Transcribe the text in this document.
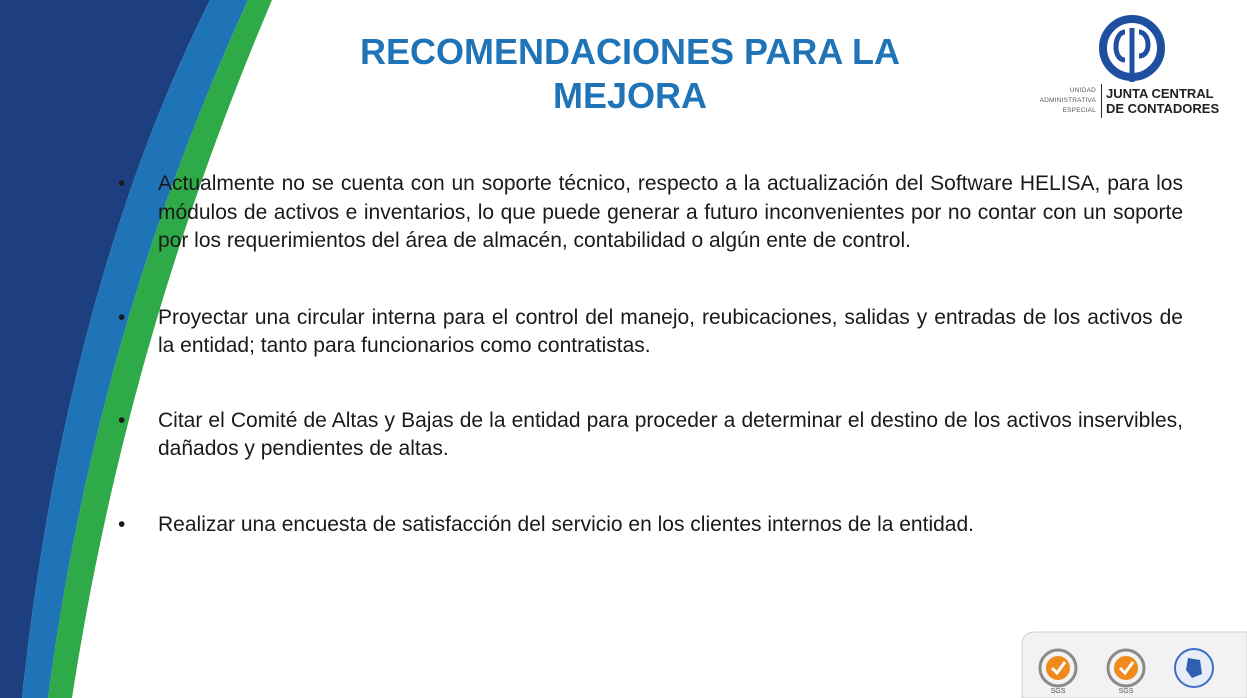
RECOMENDACIONES PARA LA
MEJORA	UNIDAD
ADMINISTRATIVA
ESPECIAL
JUNTA CENTRAL
DE CONTADORES
•	Actualmente no se cuenta con un soporte técnico, respecto a la actualización del Software HELISA, para los módulos de activos e inventarios, lo que puede generar a futuro inconvenientes por no contar con un soporte por los requerimientos del área de almacén, contabilidad o algún ente de control.
•	Proyectar una circular interna para el control del manejo, reubicaciones, salidas y entradas de los activos de la entidad; tanto para funcionarios como contratistas.
•	Citar el Comité de Altas y Bajas de la entidad para proceder a determinar el destino de los activos inservibles, dañados y pendientes de altas.
•	Realizar una encuesta de satisfacción del servicio en los clientes internos de la entidad.
SGS	SGS
